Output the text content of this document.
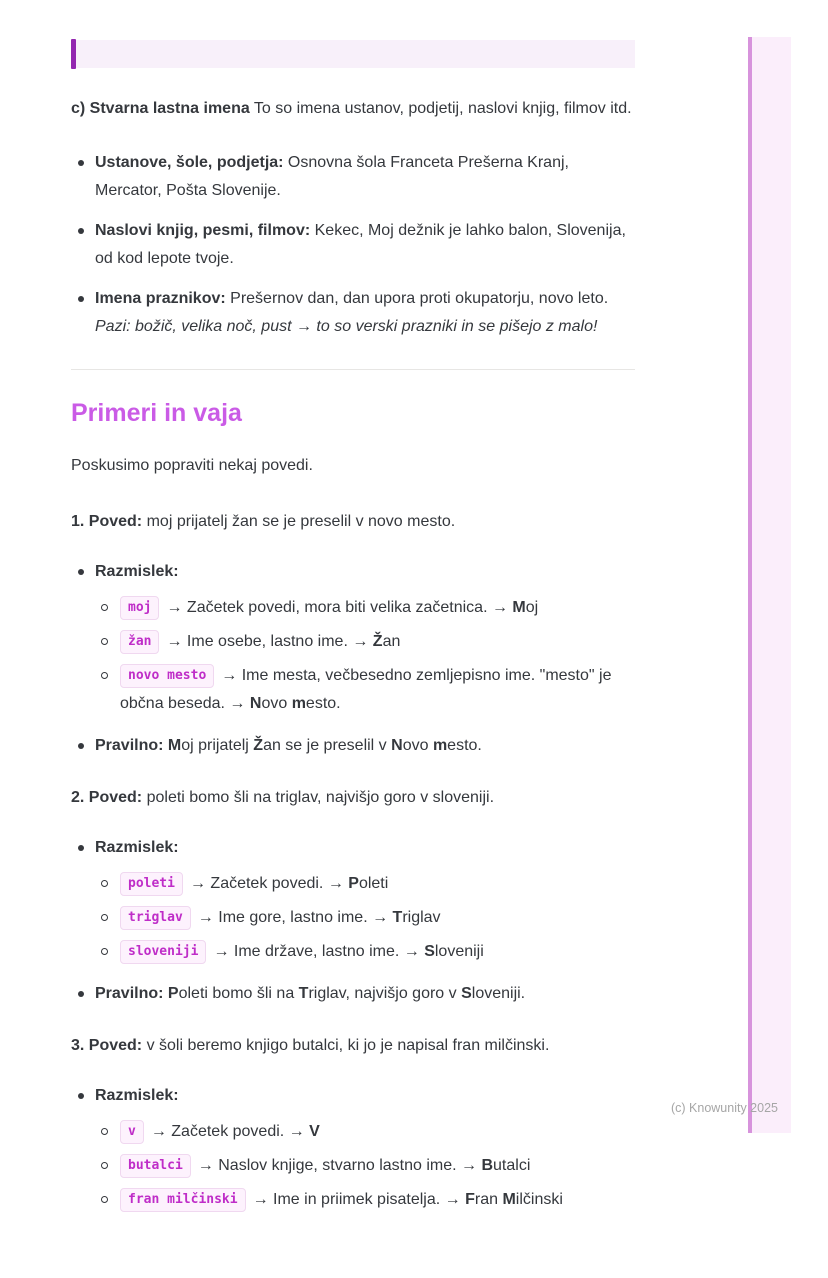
c) Stvarna lastna imena To so imena ustanov, podjetij, naslovi knjig, filmov itd.

Ustanove, šole, podjetja: Osnovna šola Franceta Prešerna Kranj, Mercator, Pošta Slovenije.
Naslovi knjig, pesmi, filmov: Kekec, Moj dežnik je lahko balon, Slovenija, od kod lepote tvoje.
Imena praznikov: Prešernov dan, dan upora proti okupatorju, novo leto.
Pazi: božič, velika noč, pust → to so verski prazniki in se pišejo z malo!
Primeri in vaja

Poskusimo popraviti nekaj povedi.

1. Poved: moj prijatelj žan se je preselil v novo mesto.

Razmislek:
moj → Začetek povedi, mora biti velika začetnica. → Moj
žan → Ime osebe, lastno ime. → Žan
novo mesto → Ime mesta, večbesedno zemljepisno ime. "mesto" je občna beseda. → Novo mesto.
Pravilno: Moj prijatelj Žan se je preselil v Novo mesto.

2. Poved: poleti bomo šli na triglav, najvišjo goro v sloveniji.

Razmislek:
poleti → Začetek povedi. → Poleti
triglav → Ime gore, lastno ime. → Triglav
sloveniji → Ime države, lastno ime. → Sloveniji
Pravilno: Poleti bomo šli na Triglav, najvišjo goro v Sloveniji.

3. Poved: v šoli beremo knjigo butalci, ki jo je napisal fran milčinski.

Razmislek:
v → Začetek povedi. → V
butalci → Naslov knjige, stvarno lastno ime. → Butalci
fran milčinski → Ime in priimek pisatelja. → Fran Milčinski
(c) Knowunity 2025
